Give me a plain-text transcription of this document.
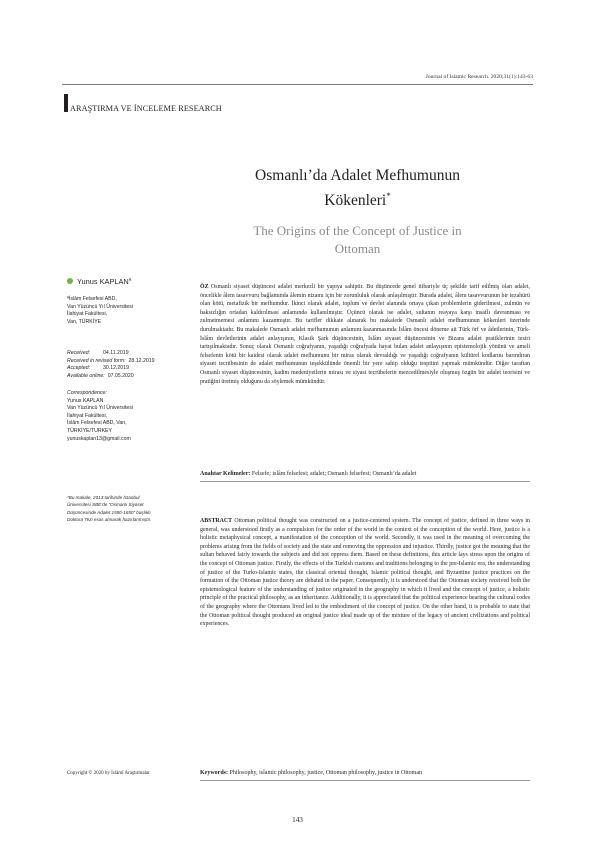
Journal of Islamic Research. 2020;31(1):143-63
ARAŞTIRMA VE İNCELEME RESEARCH
Osmanlı’da Adalet Mefhumunun
Kökenleri*
The Origins of the Concept of Justice in
Ottoman
Yunus KAPLAN$^a$
ªİslâm Felsefesi ABD,
Van Yüzüncü Yıl Üniversitesi
İlahiyat Fakültesi,
Van, TÜRKİYE
Received: 04.11.2019
Received in revised form: 28.12.2019
Accepted: 30.12.2019
Available online: 07.05.2020
Correspondence:
Yunus KAPLAN
Van Yüzüncü Yıl Üniversitesi
İlahiyat Fakültesi,
İslâm Felsefesi ABD, Van,
TÜRKİYE/TURKEY
yunuskaplan13@gmail.com
*Bu makale, 2013 tarihinde İstanbul
Üniversitesi SBE’de “Osmanlı Siyaset
Düşüncesinde Adalet 1550-1650” başlıklı
Doktora Tezi esas alınarak hazırlanmıştır.
Copyright © 2020 by İslâmî Araştırmalar
ÖZ Osmanlı siyaset düşüncesi adalet merkezli bir yapıya sahiptir. Bu düşüncede genel itibariyle üç şekilde tarif edilmiş olan adalet, öncelikle âlem tasavvuru bağlamında âlemin nizamı için bir zorunluluk olarak anlaşılmıştır. Burada adalet, âlem tasavvurunun bir tezahürü olan kötü, metafizik bir mefhumdur. İkinci olarak adalet, toplum ve devlet alanında ortaya çıkan problemlerin giderilmesi, zulmün ve haksızlığın ortadan kaldırılması anlamında kullanılmıştır. Üçüncü olarak ise adalet, sultanın reayaya karşı insaflı davranması ve zulmetmemesi anlamını kazanmıştır. Bu tarifler dikkate alınarak bu makalede Osmanlı adalet mefhumunun kökenleri üzerinde durulmaktadır. Bu makalede Osmanlı adalet mefhumunun anlamını kazanmasında İslâm öncesi döneme ait Türk örf ve âdetlerinin, Türk-İslâm devletlerinin adalet anlayışının, Klasik Şark düşüncesinin, İslâm siyaset düşüncesinin ve Bizans adalet pratiklerinin tesiri tartışılmaktadır. Sonuç olarak Osmanlı coğrafyanın, yaşadığı coğrafyada hayat bulan adalet anlayışının epistemolojik yönünü ve ameli felsefenin kötü bir kaidesi olarak adalet mefhumunu bir miras olarak devraldığı ve yaşadığı coğrafyanın kültürel kodlarını barındıran siyaset tecrübesinin de adalet mefhumunun teşekkülünde önemli bir yere sahip olduğu tespitini yapmak mümkündür. Diğer taraftan Osmanlı siyaset düşüncesinin, kadim medeniyetlerin mirası ve siyasi tecrübelerin mezcedilmesiyle oluşmuş özgün bir adalet teorisini ve pratiğini üretmiş olduğunu da söylemek mümkündür.
Anahtar Kelimeler: Felsefe; islâm felsefesi; adalet; Osmanlı felsefesi; Osmanlı’da adalet
ABSTRACT Ottoman political thought was constructed on a justice-centered system. The concept of justice, defined in three ways in general, was understood firstly as a compulsion for the order of the world in the context of the conception of the world. Here, justice is a holistic metaphysical concept, a manifestation of the conception of the world. Secondly, it was used in the meaning of overcoming the problems arising from the fields of society and the state and removing the oppression and injustice. Thirdly, justice got the meaning that the sultan behaved fairly towards the subjects and did not oppress them. Based on these definitions, this article lays stress upon the origins of the concept of Ottoman justice. Firstly, the effects of the Turkish customs and traditions belonging to the pre-Islamic era, the understanding of justice of the Turko-Islamic states, the classical oriental thought, Islamic political thought, and Byzantine justice practices on the formation of the Ottoman justice theory are debated in the paper. Consequently, it is understood that the Ottoman society received both the epistemological feature of the understanding of justice originated in the geography in which it lived and the concept of justice, a holistic principle of the practical philosophy, as an inheritance. Additionally, it is appreciated that the political experience bearing the cultural codes of the geography where the Ottomans lived led to the embodiment of the concept of justice. On the other hand, it is probable to state that the Ottoman political thought produced an original justice ideal made up of the mixture of the legacy of ancient civilizations and political experiences.
Keywords: Philosophy, islamic philosophy, justice, Ottoman philosophy, justice in Ottoman
143
